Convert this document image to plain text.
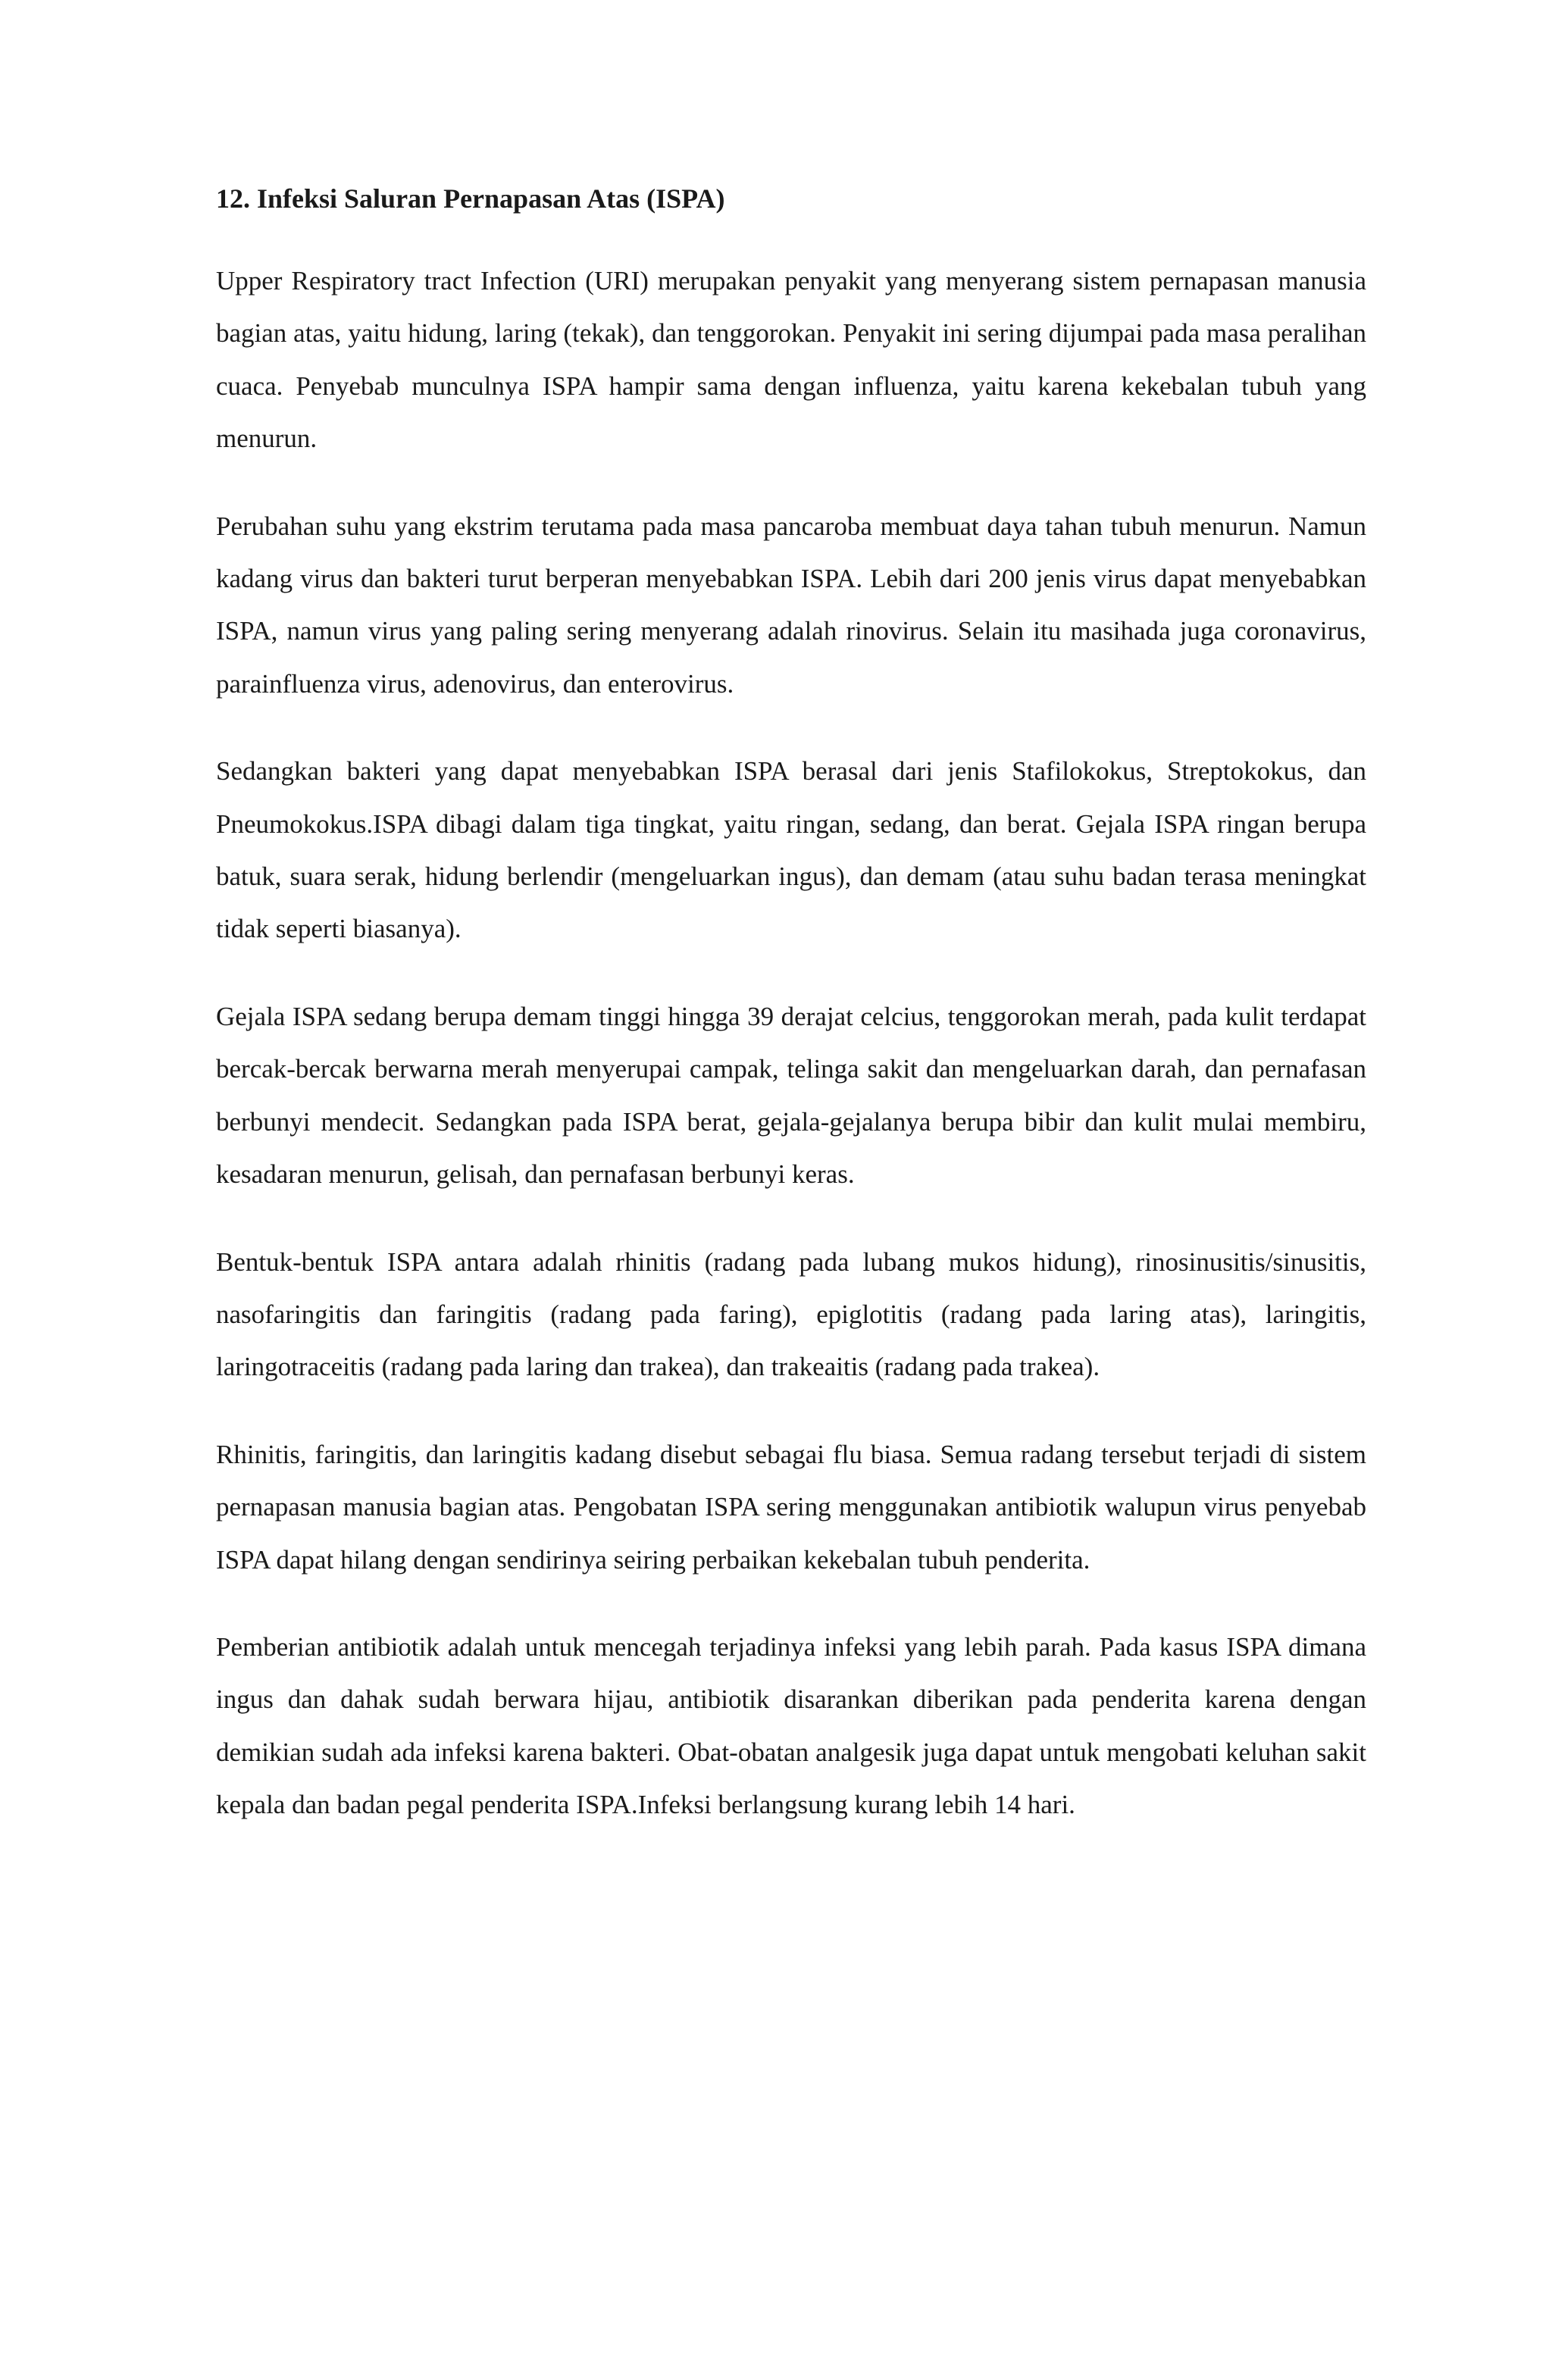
12. Infeksi Saluran Pernapasan Atas (ISPA)

Upper Respiratory tract Infection (URI) merupakan penyakit yang menyerang sistem pernapasan manusia bagian atas, yaitu hidung, laring (tekak), dan tenggorokan. Penyakit ini sering dijumpai pada masa peralihan cuaca. Penyebab munculnya ISPA hampir sama dengan influenza, yaitu karena kekebalan tubuh yang menurun.

Perubahan suhu yang ekstrim terutama pada masa pancaroba membuat daya tahan tubuh menurun. Namun kadang virus dan bakteri turut berperan menyebabkan ISPA. Lebih dari 200 jenis virus dapat menyebabkan ISPA, namun virus yang paling sering menyerang adalah rinovirus. Selain itu masihada juga coronavirus, parainfluenza virus, adenovirus, dan enterovirus.

Sedangkan bakteri yang dapat menyebabkan ISPA berasal dari jenis Stafilokokus, Streptokokus, dan Pneumokokus.ISPA dibagi dalam tiga tingkat, yaitu ringan, sedang, dan berat. Gejala ISPA ringan berupa batuk, suara serak, hidung berlendir (mengeluarkan ingus), dan demam (atau suhu badan terasa meningkat tidak seperti biasanya).

Gejala ISPA sedang berupa demam tinggi hingga 39 derajat celcius, tenggorokan merah, pada kulit terdapat bercak-bercak berwarna merah menyerupai campak, telinga sakit dan mengeluarkan darah, dan pernafasan berbunyi mendecit. Sedangkan pada ISPA berat, gejala-gejalanya berupa bibir dan kulit mulai membiru, kesadaran menurun, gelisah, dan pernafasan berbunyi keras.

Bentuk-bentuk ISPA antara adalah rhinitis (radang pada lubang mukos hidung), rinosinusitis/sinusitis, nasofaringitis dan faringitis (radang pada faring), epiglotitis (radang pada laring atas), laringitis, laringotraceitis (radang pada laring dan trakea), dan trakeaitis (radang pada trakea).

Rhinitis, faringitis, dan laringitis kadang disebut sebagai flu biasa. Semua radang tersebut terjadi di sistem pernapasan manusia bagian atas. Pengobatan ISPA sering menggunakan antibiotik walupun virus penyebab ISPA dapat hilang dengan sendirinya seiring perbaikan kekebalan tubuh penderita.

Pemberian antibiotik adalah untuk mencegah terjadinya infeksi yang lebih parah. Pada kasus ISPA dimana ingus dan dahak sudah berwara hijau, antibiotik disarankan diberikan pada penderita karena dengan demikian sudah ada infeksi karena bakteri. Obat-obatan analgesik juga dapat untuk mengobati keluhan sakit kepala dan badan pegal penderita ISPA.Infeksi berlangsung kurang lebih 14 hari.
